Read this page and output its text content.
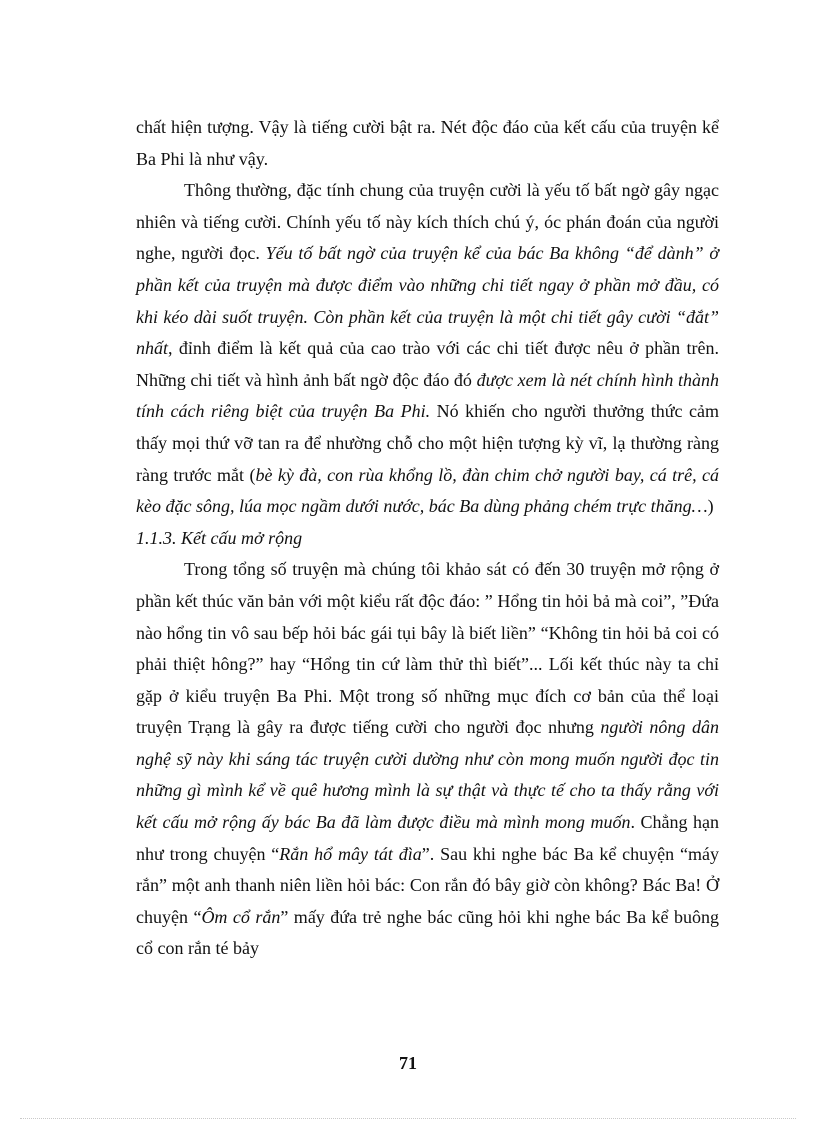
chất hiện tượng. Vậy là tiếng cười bật ra. Nét độc đáo của kết cấu của truyện kể Ba Phi là như vậy.

Thông thường, đặc tính chung của truyện cười là yếu tố bất ngờ gây ngạc nhiên và tiếng cười. Chính yếu tố này kích thích chú ý, óc phán đoán của người nghe, người đọc. Yếu tố bất ngờ của truyện kể của bác Ba không “để dành” ở phần kết của truyện mà được điểm vào những chi tiết ngay ở phần mở đầu, có khi kéo dài suốt truyện. Còn phần kết của truyện là một chi tiết gây cười “đắt” nhất, đỉnh điểm là kết quả của cao trào với các chi tiết được nêu ở phần trên. Những chi tiết và hình ảnh bất ngờ độc đáo đó được xem là nét chính hình thành tính cách riêng biệt của truyện Ba Phi. Nó khiến cho người thưởng thức cảm thấy mọi thứ vỡ tan ra để nhường chỗ cho một hiện tượng kỳ vĩ, lạ thường ràng ràng trước mắt (bè kỳ đà, con rùa khổng lồ, đàn chim chở người bay, cá trê, cá kèo đặc sông, lúa mọc ngầm dưới nước, bác Ba dùng phảng chém trực thăng…)

1.1.3. Kết cấu mở rộng

Trong tổng số truyện mà chúng tôi khảo sát có đến 30 truyện mở rộng ở phần kết thúc văn bản với một kiểu rất độc đáo: ” Hổng tin hỏi bả mà coi”, ”Đứa nào hổng tin vô sau bếp hỏi bác gái tụi bây là biết liền” “Không tin hỏi bả coi có phải thiệt hông?” hay “Hổng tin cứ làm thử thì biết”... Lối kết thúc này ta chỉ gặp ở kiểu truyện Ba Phi. Một trong số những mục đích cơ bản của thể loại truyện Trạng là gây ra được tiếng cười cho người đọc nhưng người nông dân nghệ sỹ này khi sáng tác truyện cười dường như còn mong muốn người đọc tin những gì mình kể về quê hương mình là sự thật và thực tế cho ta thấy rằng với kết cấu mở rộng ấy bác Ba đã làm được điều mà mình mong muốn. Chẳng hạn như trong chuyện “Rắn hổ mây tát đìa”. Sau khi nghe bác Ba kể chuyện “máy rắn” một anh thanh niên liền hỏi bác: Con rắn đó bây giờ còn không? Bác Ba! Ở chuyện “Ôm cổ rắn” mấy đứa trẻ nghe bác cũng hỏi khi nghe bác Ba kể buông cổ con rắn té bảy

71
